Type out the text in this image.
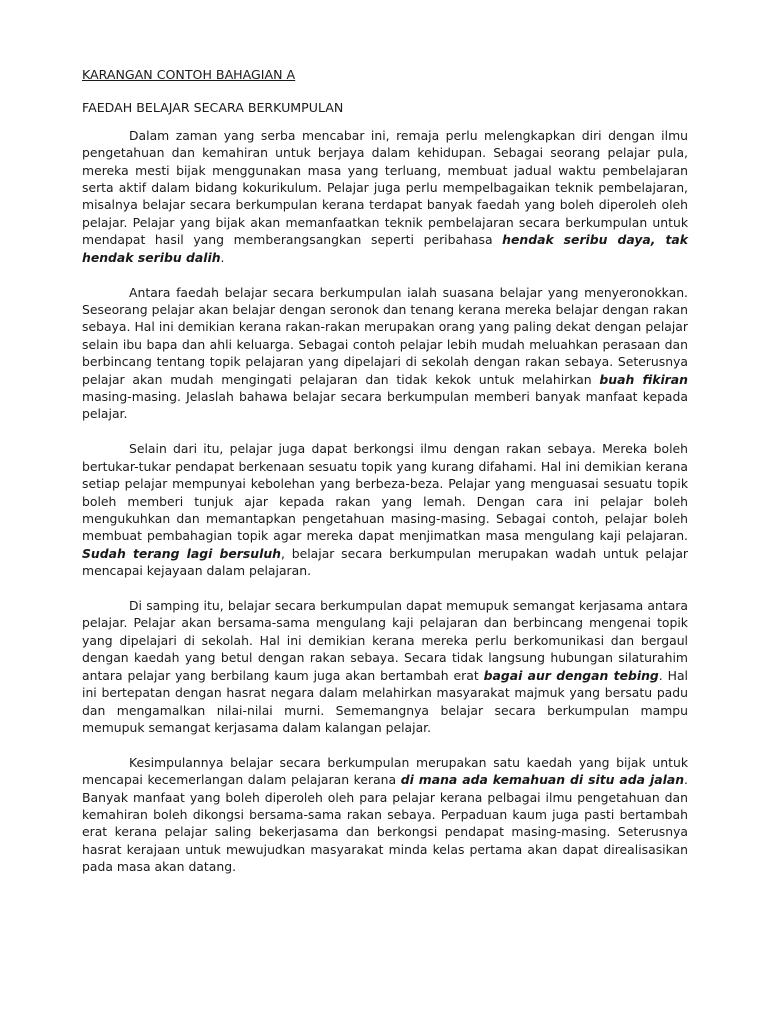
KARANGAN CONTOH BAHAGIAN A
FAEDAH BELAJAR SECARA BERKUMPULAN

Dalam zaman yang serba mencabar ini, remaja perlu melengkapkan diri dengan ilmu pengetahuan dan kemahiran untuk berjaya dalam kehidupan. Sebagai seorang pelajar pula, mereka mesti bijak menggunakan masa yang terluang, membuat jadual waktu pembelajaran serta aktif dalam bidang kokurikulum. Pelajar juga perlu mempelbagaikan teknik pembelajaran, misalnya belajar secara berkumpulan kerana terdapat banyak faedah yang boleh diperoleh oleh pelajar. Pelajar yang bijak akan memanfaatkan teknik pembelajaran secara berkumpulan untuk mendapat hasil yang memberangsangkan seperti peribahasa hendak seribu daya, tak hendak seribu dalih.

Antara faedah belajar secara berkumpulan ialah suasana belajar yang menyeronokkan. Seseorang pelajar akan belajar dengan seronok dan tenang kerana mereka belajar dengan rakan sebaya. Hal ini demikian kerana rakan-rakan merupakan orang yang paling dekat dengan pelajar selain ibu bapa dan ahli keluarga. Sebagai contoh pelajar lebih mudah meluahkan perasaan dan berbincang tentang topik pelajaran yang dipelajari di sekolah dengan rakan sebaya. Seterusnya pelajar akan mudah mengingati pelajaran dan tidak kekok untuk melahirkan buah fikiran masing-masing. Jelaslah bahawa belajar secara berkumpulan memberi banyak manfaat kepada pelajar.

Selain dari itu, pelajar juga dapat berkongsi ilmu dengan rakan sebaya. Mereka boleh bertukar-tukar pendapat berkenaan sesuatu topik yang kurang difahami. Hal ini demikian kerana setiap pelajar mempunyai kebolehan yang berbeza-beza. Pelajar yang menguasai sesuatu topik boleh memberi tunjuk ajar kepada rakan yang lemah. Dengan cara ini pelajar boleh mengukuhkan dan memantapkan pengetahuan masing-masing. Sebagai contoh, pelajar boleh membuat pembahagian topik agar mereka dapat menjimatkan masa mengulang kaji pelajaran. Sudah terang lagi bersuluh, belajar secara berkumpulan merupakan wadah untuk pelajar mencapai kejayaan dalam pelajaran.

Di samping itu, belajar secara berkumpulan dapat memupuk semangat kerjasama antara pelajar. Pelajar akan bersama-sama mengulang kaji pelajaran dan berbincang mengenai topik yang dipelajari di sekolah. Hal ini demikian kerana mereka perlu berkomunikasi dan bergaul dengan kaedah yang betul dengan rakan sebaya. Secara tidak langsung hubungan silaturahim antara pelajar yang berbilang kaum juga akan bertambah erat bagai aur dengan tebing. Hal ini bertepatan dengan hasrat negara dalam melahirkan masyarakat majmuk yang bersatu padu dan mengamalkan nilai-nilai murni. Sememangnya belajar secara berkumpulan mampu memupuk semangat kerjasama dalam kalangan pelajar.

Kesimpulannya belajar secara berkumpulan merupakan satu kaedah yang bijak untuk mencapai kecemerlangan dalam pelajaran kerana di mana ada kemahuan di situ ada jalan. Banyak manfaat yang boleh diperoleh oleh para pelajar kerana pelbagai ilmu pengetahuan dan kemahiran boleh dikongsi bersama-sama rakan sebaya. Perpaduan kaum juga pasti bertambah erat kerana pelajar saling bekerjasama dan berkongsi pendapat masing-masing. Seterusnya hasrat kerajaan untuk mewujudkan masyarakat minda kelas pertama akan dapat direalisasikan pada masa akan datang.
